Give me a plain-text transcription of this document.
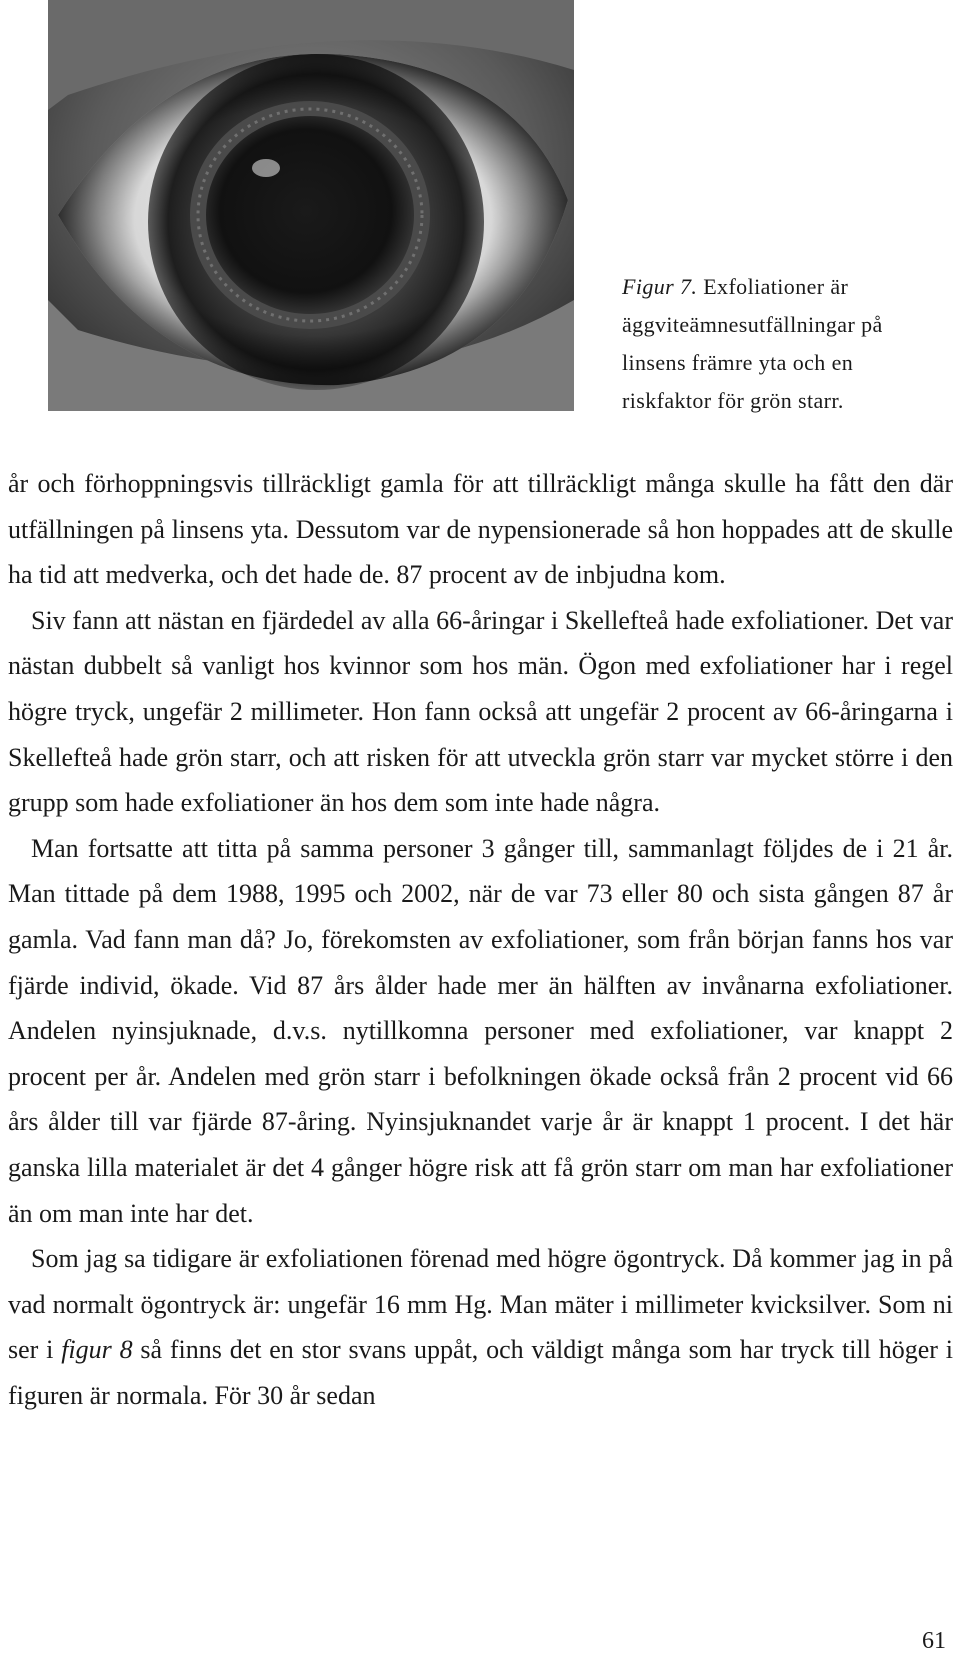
Figur 7. Exfoliationer är äggviteämnesutfällningar på linsens främre yta och en riskfaktor för grön starr.

år och förhoppningsvis tillräckligt gamla för att tillräckligt många skulle ha fått den där utfällningen på linsens yta. Dessutom var de nypensionerade så hon hoppades att de skulle ha tid att medverka, och det hade de. 87 procent av de inbjudna kom.

Siv fann att nästan en fjärdedel av alla 66-åringar i Skellefteå hade exfoliationer. Det var nästan dubbelt så vanligt hos kvinnor som hos män. Ögon med exfoliationer har i regel högre tryck, ungefär 2 millimeter. Hon fann också att ungefär 2 procent av 66-åringarna i Skellefteå hade grön starr, och att risken för att utveckla grön starr var mycket större i den grupp som hade exfoliationer än hos dem som inte hade några.

Man fortsatte att titta på samma personer 3 gånger till, sammanlagt följdes de i 21 år. Man tittade på dem 1988, 1995 och 2002, när de var 73 eller 80 och sista gången 87 år gamla. Vad fann man då? Jo, förekomsten av exfoliationer, som från början fanns hos var fjärde individ, ökade. Vid 87 års ålder hade mer än hälften av invånarna exfoliationer. Andelen nyinsjuknade, d.v.s. nytillkomna personer med exfoliationer, var knappt 2 procent per år. Andelen med grön starr i befolkningen ökade också från 2 procent vid 66 års ålder till var fjärde 87-åring. Nyinsjuknandet varje år är knappt 1 procent. I det här ganska lilla materialet är det 4 gånger högre risk att få grön starr om man har exfoliationer än om man inte har det.

Som jag sa tidigare är exfoliationen förenad med högre ögontryck. Då kommer jag in på vad normalt ögontryck är: ungefär 16 mm Hg. Man mäter i millimeter kvicksilver. Som ni ser i figur 8 så finns det en stor svans uppåt, och väldigt många som har tryck till höger i figuren är normala. För 30 år sedan

61
